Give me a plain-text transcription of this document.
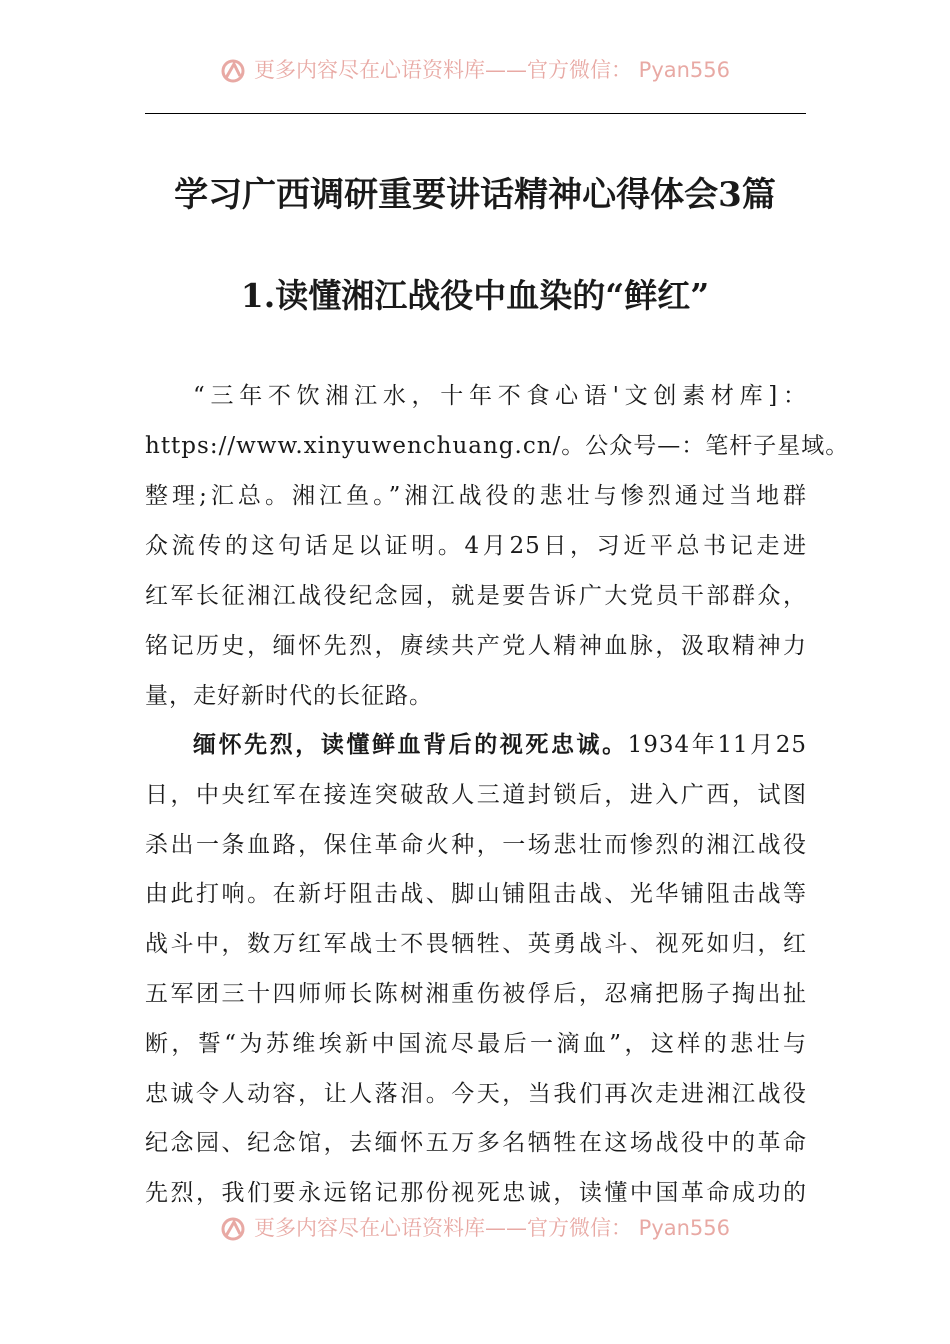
更多内容尽在心语资料库——官方微信： Pyan556
学习广西调研重要讲话精神心得体会3篇
1.读懂湘江战役中血染的“鲜红”
“三年不饮湘江水，十年不食心语'文创素材库]：
https://www.xinyuwenchuang.cn/。公众号—：笔杆子星域。
整理;汇总。湘江鱼。”湘江战役的悲壮与惨烈通过当地群
众流传的这句话足以证明。4月25日，习近平总书记走进
红军长征湘江战役纪念园，就是要告诉广大党员干部群众，
铭记历史，缅怀先烈，赓续共产党人精神血脉，汲取精神力
量，走好新时代的长征路。
缅怀先烈，读懂鲜血背后的视死忠诚。1934年11月25
日，中央红军在接连突破敌人三道封锁后，进入广西，试图
杀出一条血路，保住革命火种，一场悲壮而惨烈的湘江战役
由此打响。在新圩阻击战、脚山铺阻击战、光华铺阻击战等
战斗中，数万红军战士不畏牺牲、英勇战斗、视死如归，红
五军团三十四师师长陈树湘重伤被俘后，忍痛把肠子掏出扯
断，誓“为苏维埃新中国流尽最后一滴血”，这样的悲壮与
忠诚令人动容，让人落泪。今天，当我们再次走进湘江战役
纪念园、纪念馆，去缅怀五万多名牺牲在这场战役中的革命
先烈，我们要永远铭记那份视死忠诚，读懂中国革命成功的
更多内容尽在心语资料库——官方微信： Pyan556
